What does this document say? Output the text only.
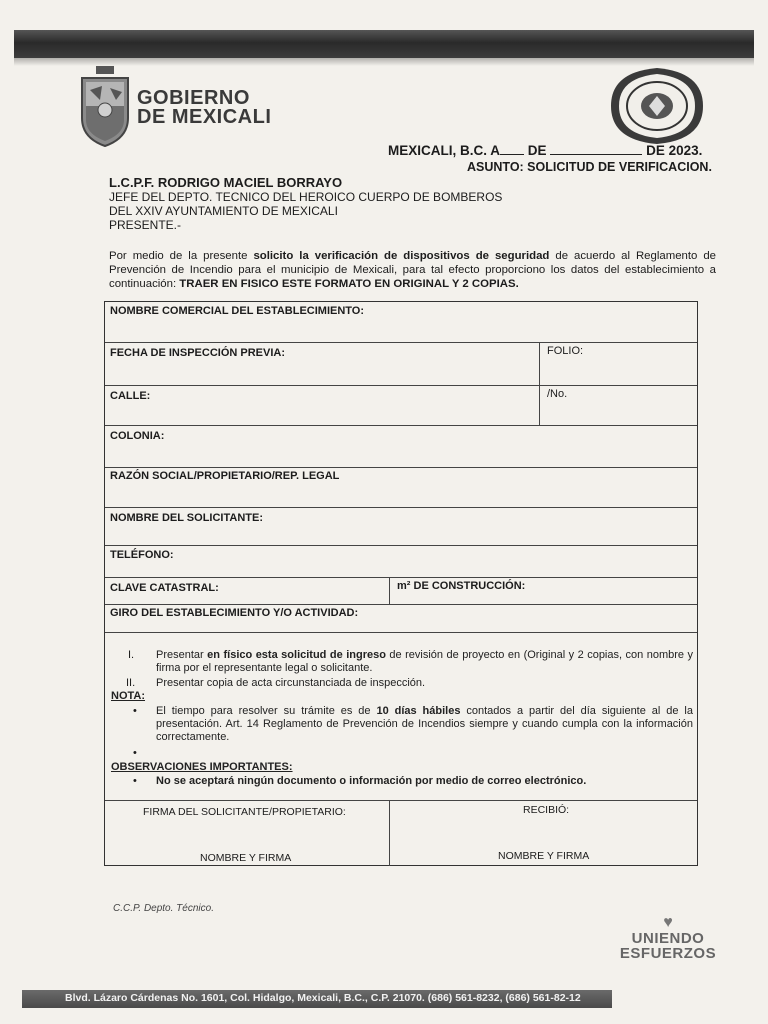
GOBIERNO
DE MEXICALI
MEXICALI, B.C. A DE	DE 2023.
ASUNTO: SOLICITUD DE VERIFICACION.
L.C.P.F. RODRIGO MACIEL BORRAYO
JEFE DEL DEPTO. TECNICO DEL HEROICO CUERPO DE BOMBEROS
DEL XXIV AYUNTAMIENTO DE MEXICALI
PRESENTE.-
Por medio de la presente solicito la verificación de dispositivos de seguridad de acuerdo al Reglamento de Prevención de Incendio para el municipio de Mexicali, para tal efecto proporciono los datos del establecimiento a continuación: TRAER EN FISICO ESTE FORMATO EN ORIGINAL Y 2 COPIAS.
NOMBRE COMERCIAL DEL ESTABLECIMIENTO:
FECHA DE INSPECCIÓN PREVIA:	FOLIO:
CALLE:	/No.
COLONIA:
RAZÓN SOCIAL/PROPIETARIO/REP. LEGAL
NOMBRE DEL SOLICITANTE:
TELÉFONO:
CLAVE CATASTRAL:	m² DE CONSTRUCCIÓN:
GIRO DEL ESTABLECIMIENTO Y/O ACTIVIDAD:
I. Presentar en físico esta solicitud de ingreso de revisión de proyecto en (Original y 2 copias, con nombre y firma por el representante legal o solicitante.
II. Presentar copia de acta circunstanciada de inspección.
NOTA:
• El tiempo para resolver su trámite es de 10 días hábiles contados a partir del día siguiente al de la presentación. Art. 14 Reglamento de Prevención de Incendios siempre y cuando cumpla con la información correctamente.
•
OBSERVACIONES IMPORTANTES:
• No se aceptará ningún documento o información por medio de correo electrónico.
FIRMA DEL SOLICITANTE/PROPIETARIO:	RECIBIÓ:
NOMBRE Y FIRMA	NOMBRE Y FIRMA
C.C.P. Depto. Técnico.
♥
UNIENDO
ESFUERZOS
Blvd. Lázaro Cárdenas No. 1601, Col. Hidalgo, Mexicali, B.C., C.P. 21070. (686) 561-8232, (686) 561-82-12
